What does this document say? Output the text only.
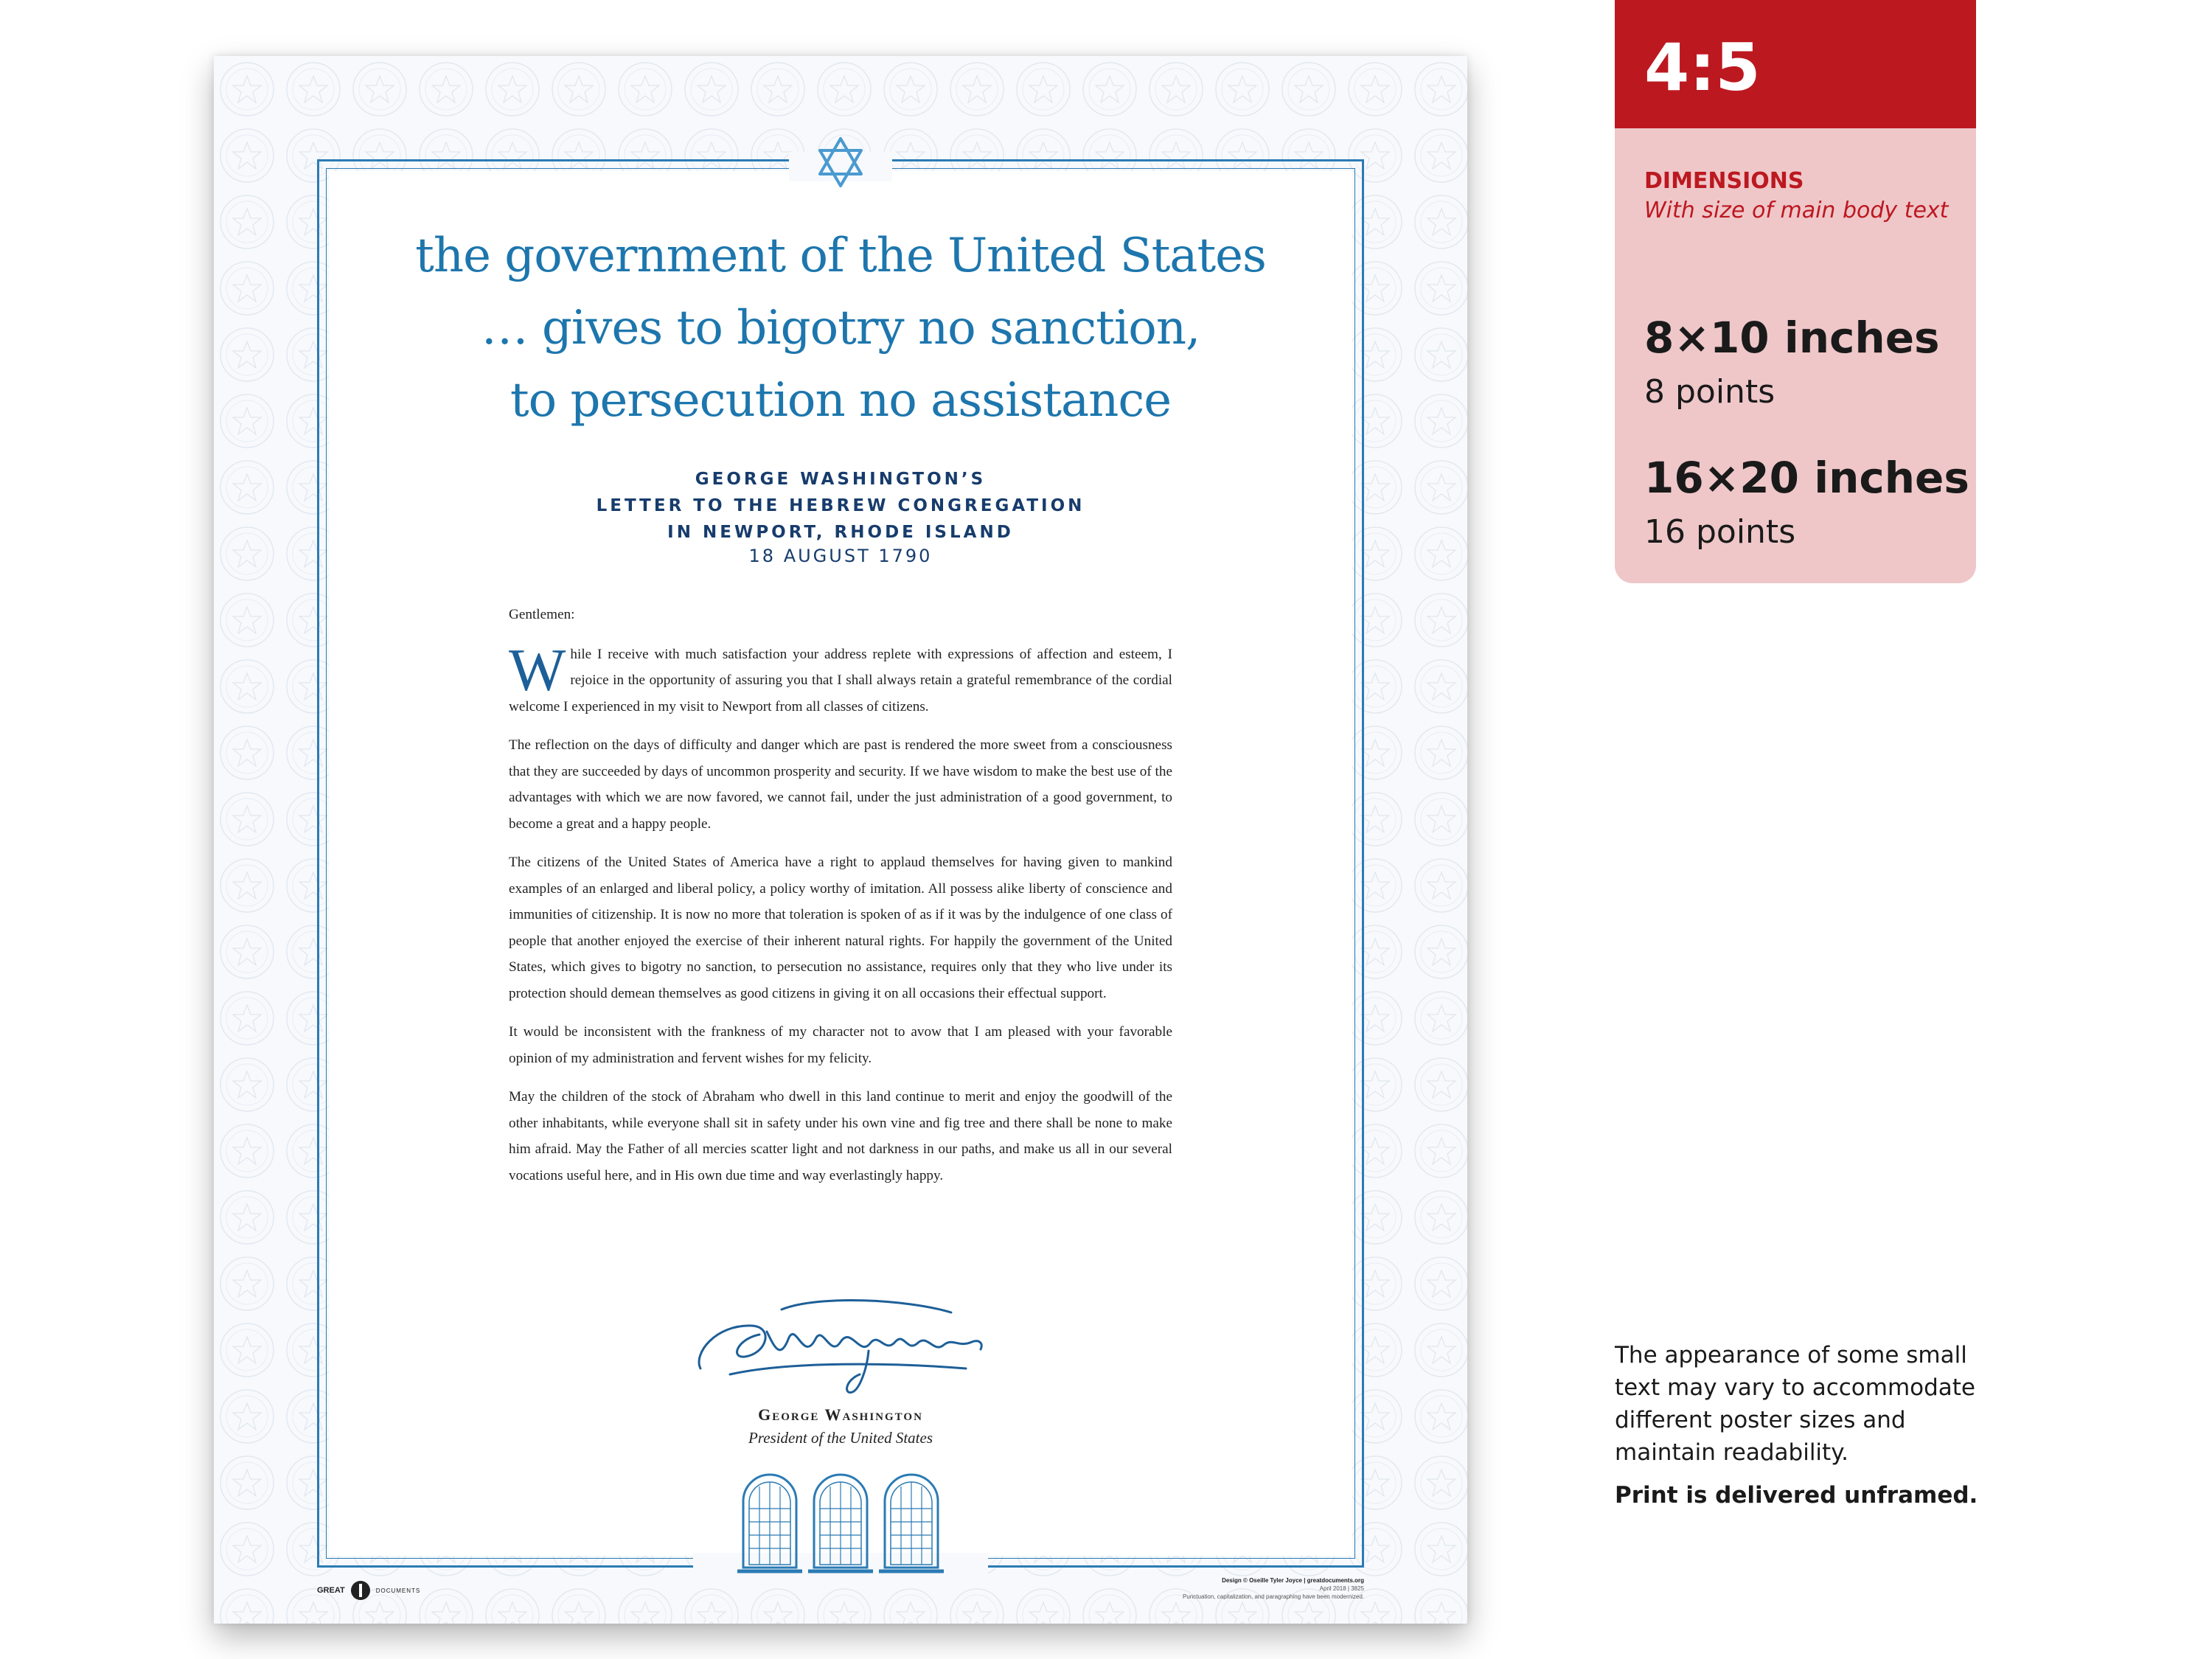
the government of the United States
… gives to bigotry no sanction,
to persecution no assistance
GEORGE WASHINGTON’S
LETTER TO THE HEBREW CONGREGATION
IN NEWPORT, RHODE ISLAND
18 AUGUST 1790

Gentlemen:

While I receive with much satisfaction your address replete with expressions of affection and esteem, I rejoice in the opportunity of assuring you that I shall always retain a grateful remembrance of the cordial welcome I experienced in my visit to Newport from all classes of citizens.

The reflection on the days of difficulty and danger which are past is rendered the more sweet from a consciousness that they are succeeded by days of uncommon prosperity and security. If we have wisdom to make the best use of the advantages with which we are now favored, we cannot fail, under the just administration of a good government, to become a great and a happy people.

The citizens of the United States of America have a right to applaud themselves for having given to mankind examples of an enlarged and liberal policy, a policy worthy of imitation. All possess alike liberty of conscience and immunities of citizenship. It is now no more that toleration is spoken of as if it was by the indulgence of one class of people that another enjoyed the exercise of their inherent natural rights. For happily the government of the United States, which gives to bigotry no sanction, to persecution no assistance, requires only that they who live under its protection should demean themselves as good citizens in giving it on all occasions their effectual support.

It would be inconsistent with the frankness of my character not to avow that I am pleased with your favorable opinion of my administration and fervent wishes for my felicity.

May the children of the stock of Abraham who dwell in this land continue to merit and enjoy the goodwill of the other inhabitants, while everyone shall sit in safety under his own vine and fig tree and there shall be none to make him afraid. May the Father of all mercies scatter light and not darkness in our paths, and make us all in our several vocations useful here, and in His own due time and way everlastingly happy.

George Washington
President of the United States
GREAT	DOCUMENTS
Design © Oseille Tyler Joyce | greatdocuments.org
April 2018 | 3825
Punctuation, capitalization, and paragraphing have been modernized.
4:5
DIMENSIONS
With size of main body text
8×10 inches
8 points
16×20 inches
16 points
The appearance of some small text may vary to accommodate different poster sizes and maintain readability.
Print is delivered unframed.
